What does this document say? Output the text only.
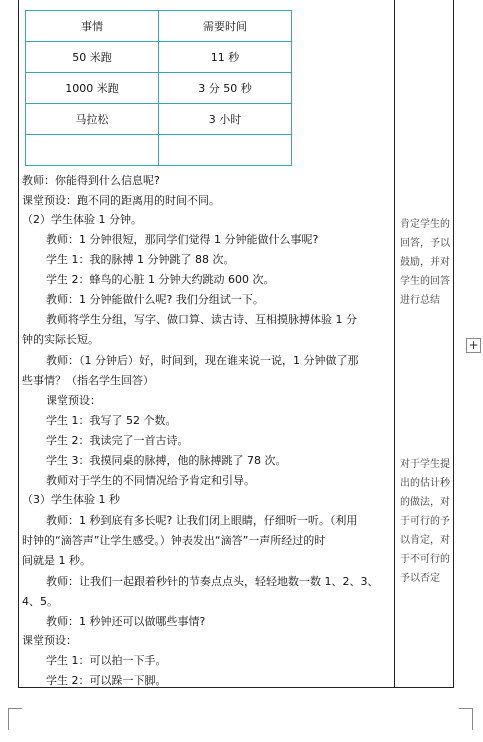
事情	需要时间
50 米跑	11 秒
1000 米跑	3 分 50 秒
马拉松	3 小时

教师：你能得到什么信息呢?
课堂预设：跑不同的距离用的时间不同。
（2）学生体验 1 分钟。
教师：1 分钟很短，那同学们觉得 1 分钟能做什么事呢?
学生 1：我的脉搏 1 分钟跳了 88 次。
学生 2：蜂鸟的心脏 1 分钟大约跳动 600 次。
教师：1 分钟能做什么呢? 我们分组试一下。
教师将学生分组，写字、做口算、读古诗、互相摸脉搏体验 1 分
钟的实际长短。
教师：（1 分钟后）好，时间到，现在谁来说一说，1 分钟做了那
些事情？（指名学生回答）
课堂预设：
学生 1：我写了 52 个数。
学生 2：我读完了一首古诗。
学生 3：我摸同桌的脉搏，他的脉搏跳了 78 次。
教师对于学生的不同情况给予肯定和引导。
（3）学生体验 1 秒
教师：1 秒到底有多长呢? 让我们闭上眼睛，仔细听一听。（利用
时钟的“滴答声”让学生感受。）钟表发出“滴答”一声所经过的时
间就是 1 秒。
教师：让我们一起跟着秒针的节奏点点头，轻轻地数一数 1、2、3、
4、5。
教师：1 秒钟还可以做哪些事情?
课堂预设：
学生 1：可以拍一下手。
学生 2：可以跺一下脚。
肯定学生的回答，予以鼓励，并对学生的回答进行总结
对于学生提出的估计秒的做法，对于可行的予以肯定，对于不可行的予以否定
+
